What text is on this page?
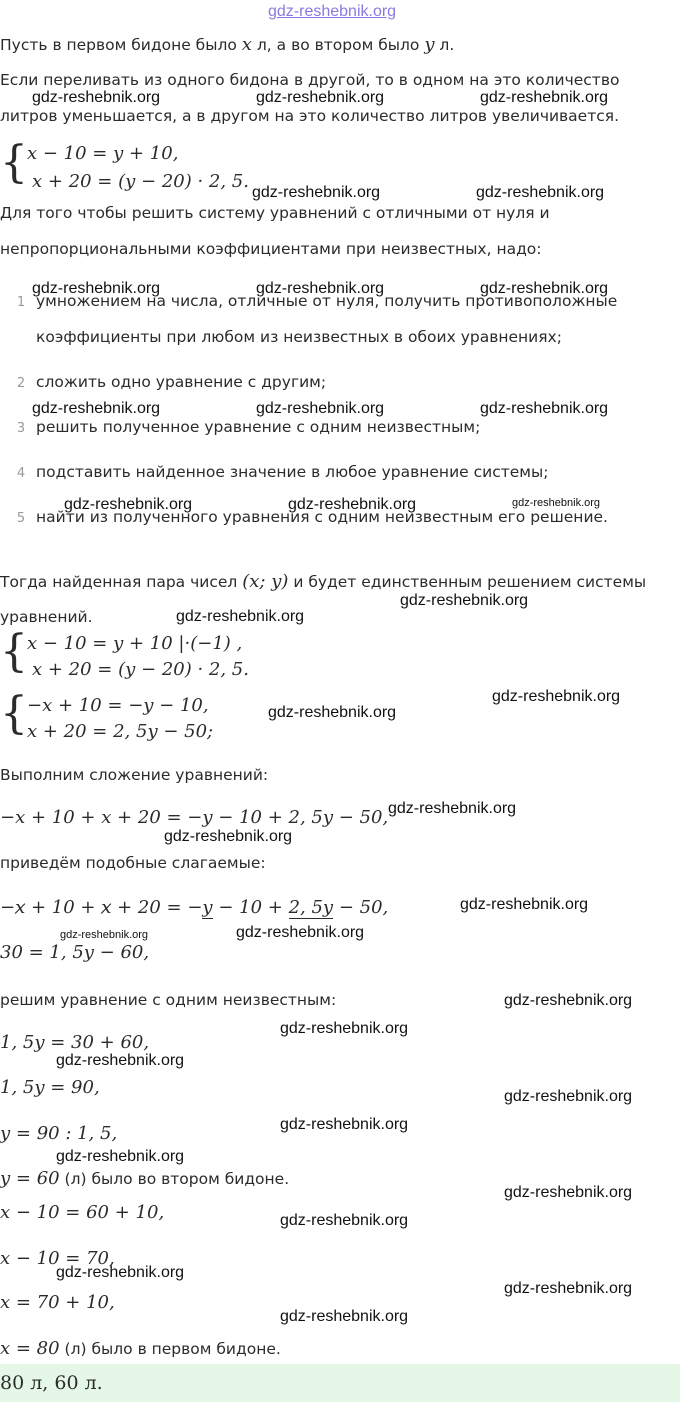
gdz-reshebnik.org
Пусть в первом бидоне было x л, а во втором было y л.
Если переливать из одного бидона в другой, то в одном на это количество
литров уменьшается, а в другом на это количество литров увеличивается.
{ x − 10 = y + 10,
x + 20 = (y − 20) · 2, 5.
Для того чтобы решить систему уравнений с отличными от нуля и
непропорциональными коэффициентами при неизвестных, надо:
1 умножением на числа, отличные от нуля, получить противоположные
коэффициенты при любом из неизвестных в обоих уравнениях;
2 сложить одно уравнение с другим;
3 решить полученное уравнение с одним неизвестным;
4 подставить найденное значение в любое уравнение системы;
5 найти из полученного уравнения с одним неизвестным его решение.
Тогда найденная пара чисел (x; y) и будет единственным решением системы
уравнений.
{ x − 10 = y + 10 |·(−1) ,
x + 20 = (y − 20) · 2, 5.
{ −x + 10 = −y − 10,
x + 20 = 2, 5y − 50;
Выполним сложение уравнений:
−x + 10 + x + 20 = −y − 10 + 2, 5y − 50,
приведём подобные слагаемые:
−x + 10 + x + 20 = −y − 10 + 2, 5y − 50,
30 = 1, 5y − 60,
решим уравнение с одним неизвестным:
1, 5y = 30 + 60,
1, 5y = 90,
y = 90 : 1, 5,
y = 60 (л) было во втором бидоне.
x − 10 = 60 + 10,
x − 10 = 70,
x = 70 + 10,
x = 80 (л) было в первом бидоне.
80 л, 60 л.
gdz-reshebnik.org	gdz-reshebnik.org	gdz-reshebnik.org
gdz-reshebnik.org	gdz-reshebnik.org
gdz-reshebnik.org	gdz-reshebnik.org	gdz-reshebnik.org
gdz-reshebnik.org	gdz-reshebnik.org	gdz-reshebnik.org
gdz-reshebnik.org	gdz-reshebnik.org	gdz-reshebnik.org
gdz-reshebnik.org
gdz-reshebnik.org
gdz-reshebnik.org
gdz-reshebnik.org
gdz-reshebnik.org
gdz-reshebnik.org
gdz-reshebnik.org
gdz-reshebnik.org
gdz-reshebnik.org
gdz-reshebnik.org
gdz-reshebnik.org
gdz-reshebnik.org
gdz-reshebnik.org
gdz-reshebnik.org
gdz-reshebnik.org
gdz-reshebnik.org
gdz-reshebnik.org
gdz-reshebnik.org
gdz-reshebnik.org
gdz-reshebnik.org
